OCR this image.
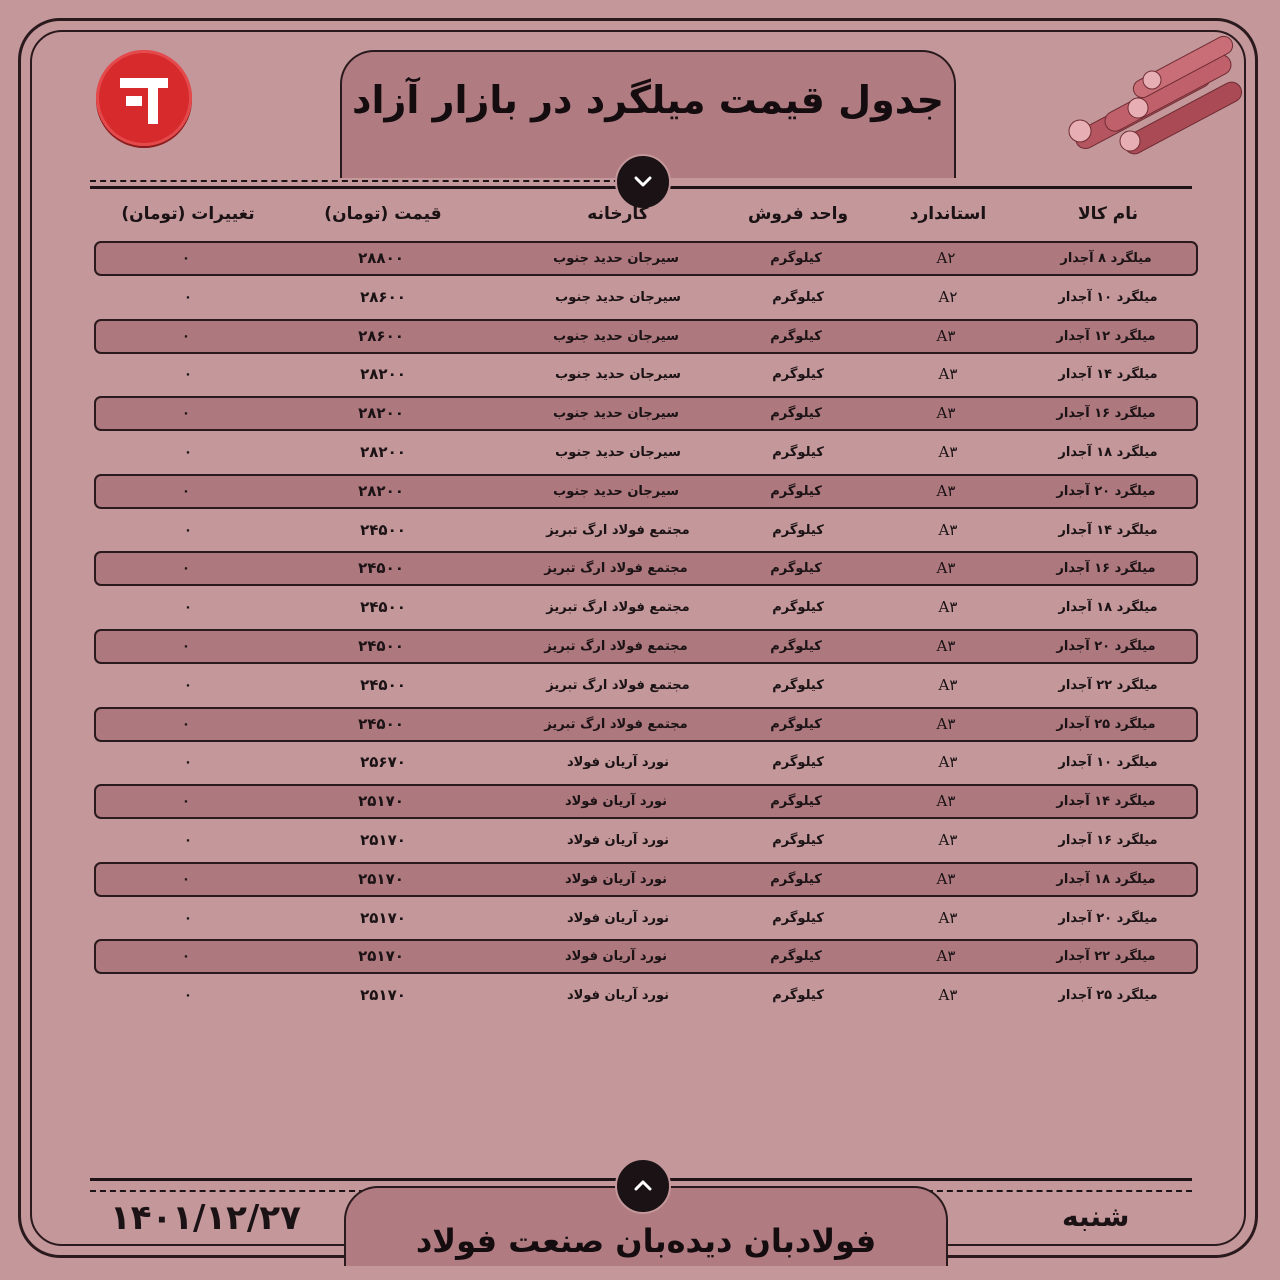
جدول قیمت میلگرد در بازار آزاد
نام کالا
استاندارد
واحد فروش
کارخانه
قیمت (تومان)
تغییرات (تومان)
میلگرد ۸ آجدار
A۲
کیلوگرم
سیرجان حدید جنوب
۲۸۸۰۰
۰
میلگرد ۱۰ آجدار
A۲
کیلوگرم
سیرجان حدید جنوب
۲۸۶۰۰
۰
میلگرد ۱۲ آجدار
A۳
کیلوگرم
سیرجان حدید جنوب
۲۸۶۰۰
۰
میلگرد ۱۴ آجدار
A۳
کیلوگرم
سیرجان حدید جنوب
۲۸۲۰۰
۰
میلگرد ۱۶ آجدار
A۳
کیلوگرم
سیرجان حدید جنوب
۲۸۲۰۰
۰
میلگرد ۱۸ آجدار
A۳
کیلوگرم
سیرجان حدید جنوب
۲۸۲۰۰
۰
میلگرد ۲۰ آجدار
A۳
کیلوگرم
سیرجان حدید جنوب
۲۸۲۰۰
۰
میلگرد ۱۴ آجدار
A۳
کیلوگرم
مجتمع فولاد ارگ تبریز
۲۴۵۰۰
۰
میلگرد ۱۶ آجدار
A۳
کیلوگرم
مجتمع فولاد ارگ تبریز
۲۴۵۰۰
۰
میلگرد ۱۸ آجدار
A۳
کیلوگرم
مجتمع فولاد ارگ تبریز
۲۴۵۰۰
۰
میلگرد ۲۰ آجدار
A۳
کیلوگرم
مجتمع فولاد ارگ تبریز
۲۴۵۰۰
۰
میلگرد ۲۲ آجدار
A۳
کیلوگرم
مجتمع فولاد ارگ تبریز
۲۴۵۰۰
۰
میلگرد ۲۵ آجدار
A۳
کیلوگرم
مجتمع فولاد ارگ تبریز
۲۴۵۰۰
۰
میلگرد ۱۰ آجدار
A۳
کیلوگرم
نورد آریان فولاد
۲۵۶۷۰
۰
میلگرد ۱۴ آجدار
A۳
کیلوگرم
نورد آریان فولاد
۲۵۱۷۰
۰
میلگرد ۱۶ آجدار
A۳
کیلوگرم
نورد آریان فولاد
۲۵۱۷۰
۰
میلگرد ۱۸ آجدار
A۳
کیلوگرم
نورد آریان فولاد
۲۵۱۷۰
۰
میلگرد ۲۰ آجدار
A۳
کیلوگرم
نورد آریان فولاد
۲۵۱۷۰
۰
میلگرد ۲۲ آجدار
A۳
کیلوگرم
نورد آریان فولاد
۲۵۱۷۰
۰
میلگرد ۲۵ آجدار
A۳
کیلوگرم
نورد آریان فولاد
۲۵۱۷۰
۰
فولادبان دیده‌بان صنعت فولاد
۱۴۰۱/۱۲/۲۷	شنبه
